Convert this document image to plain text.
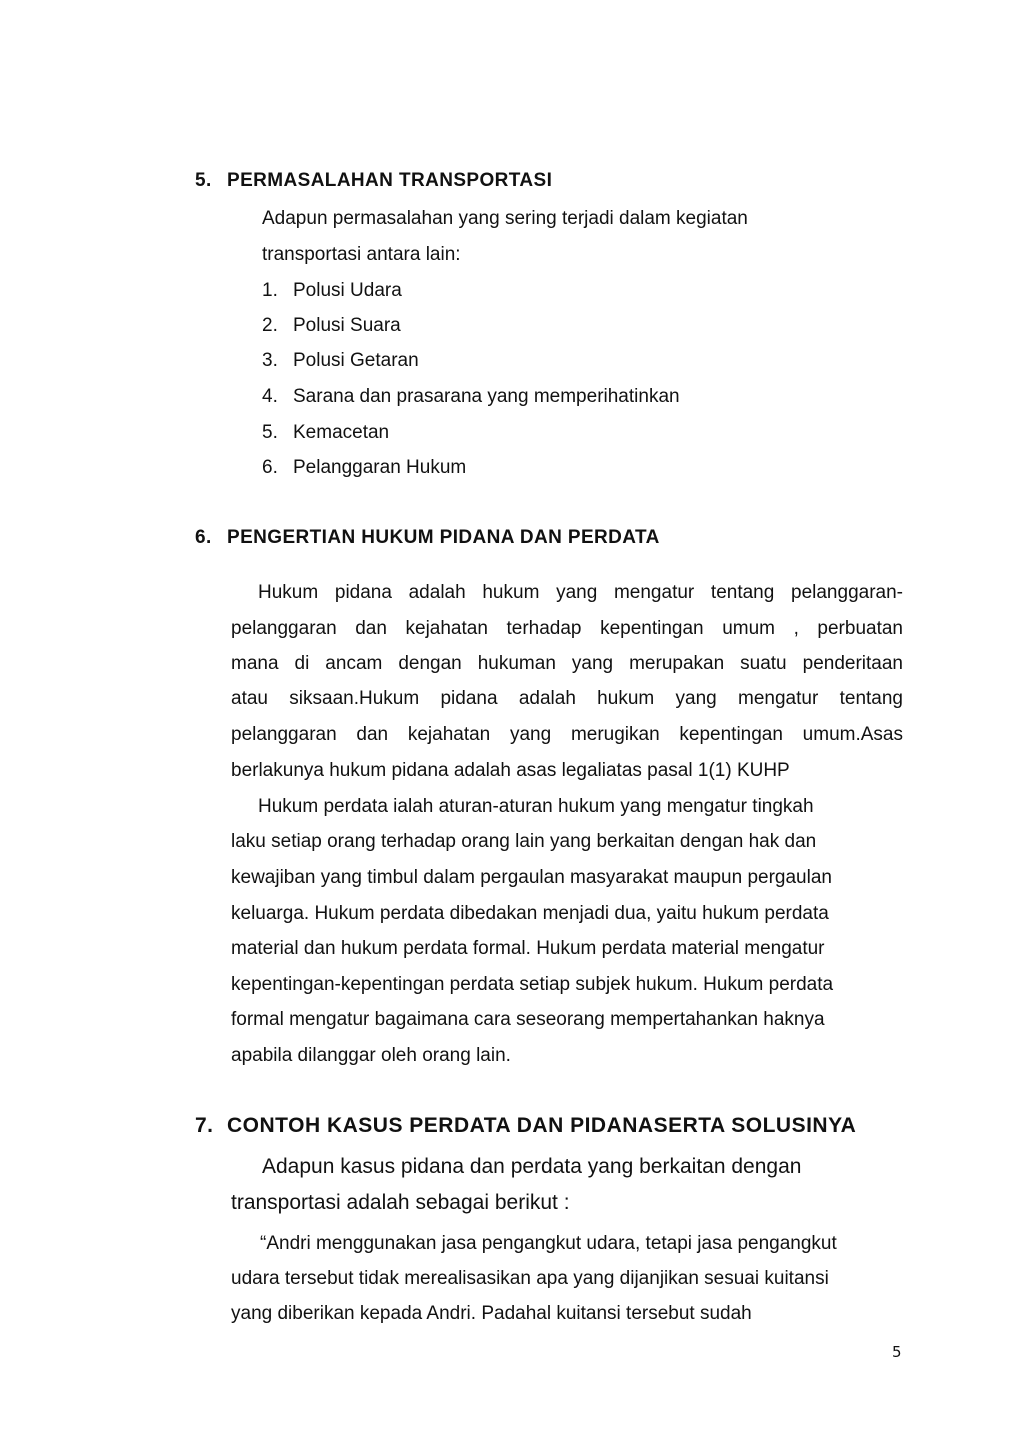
5. PERMASALAHAN TRANSPORTASI
Adapun permasalahan yang sering terjadi dalam kegiatan
transportasi antara lain:
1. Polusi Udara
2. Polusi Suara
3. Polusi Getaran
4. Sarana dan prasarana yang memperihatinkan
5. Kemacetan
6. Pelanggaran Hukum
6. PENGERTIAN HUKUM PIDANA DAN PERDATA
Hukum pidana adalah hukum yang mengatur tentang pelanggaran-
pelanggaran dan kejahatan terhadap kepentingan umum , perbuatan
mana di ancam dengan hukuman yang merupakan suatu penderitaan
atau siksaan.Hukum pidana adalah hukum yang mengatur tentang
pelanggaran dan kejahatan yang merugikan kepentingan umum.Asas
berlakunya hukum pidana adalah asas legaliatas pasal 1(1) KUHP
Hukum perdata ialah aturan-aturan hukum yang mengatur tingkah
laku setiap orang terhadap orang lain yang berkaitan dengan hak dan
kewajiban yang timbul dalam pergaulan masyarakat maupun pergaulan
keluarga. Hukum perdata dibedakan menjadi dua, yaitu hukum perdata
material dan hukum perdata formal. Hukum perdata material mengatur
kepentingan-kepentingan perdata setiap subjek hukum. Hukum perdata
formal mengatur bagaimana cara seseorang mempertahankan haknya
apabila dilanggar oleh orang lain.
7. CONTOH KASUS PERDATA DAN PIDANASERTA SOLUSINYA
Adapun kasus pidana dan perdata yang berkaitan dengan
transportasi adalah sebagai berikut :
“Andri menggunakan jasa pengangkut udara, tetapi jasa pengangkut
udara tersebut tidak merealisasikan apa yang dijanjikan sesuai kuitansi
yang diberikan kepada Andri. Padahal kuitansi tersebut sudah
5
